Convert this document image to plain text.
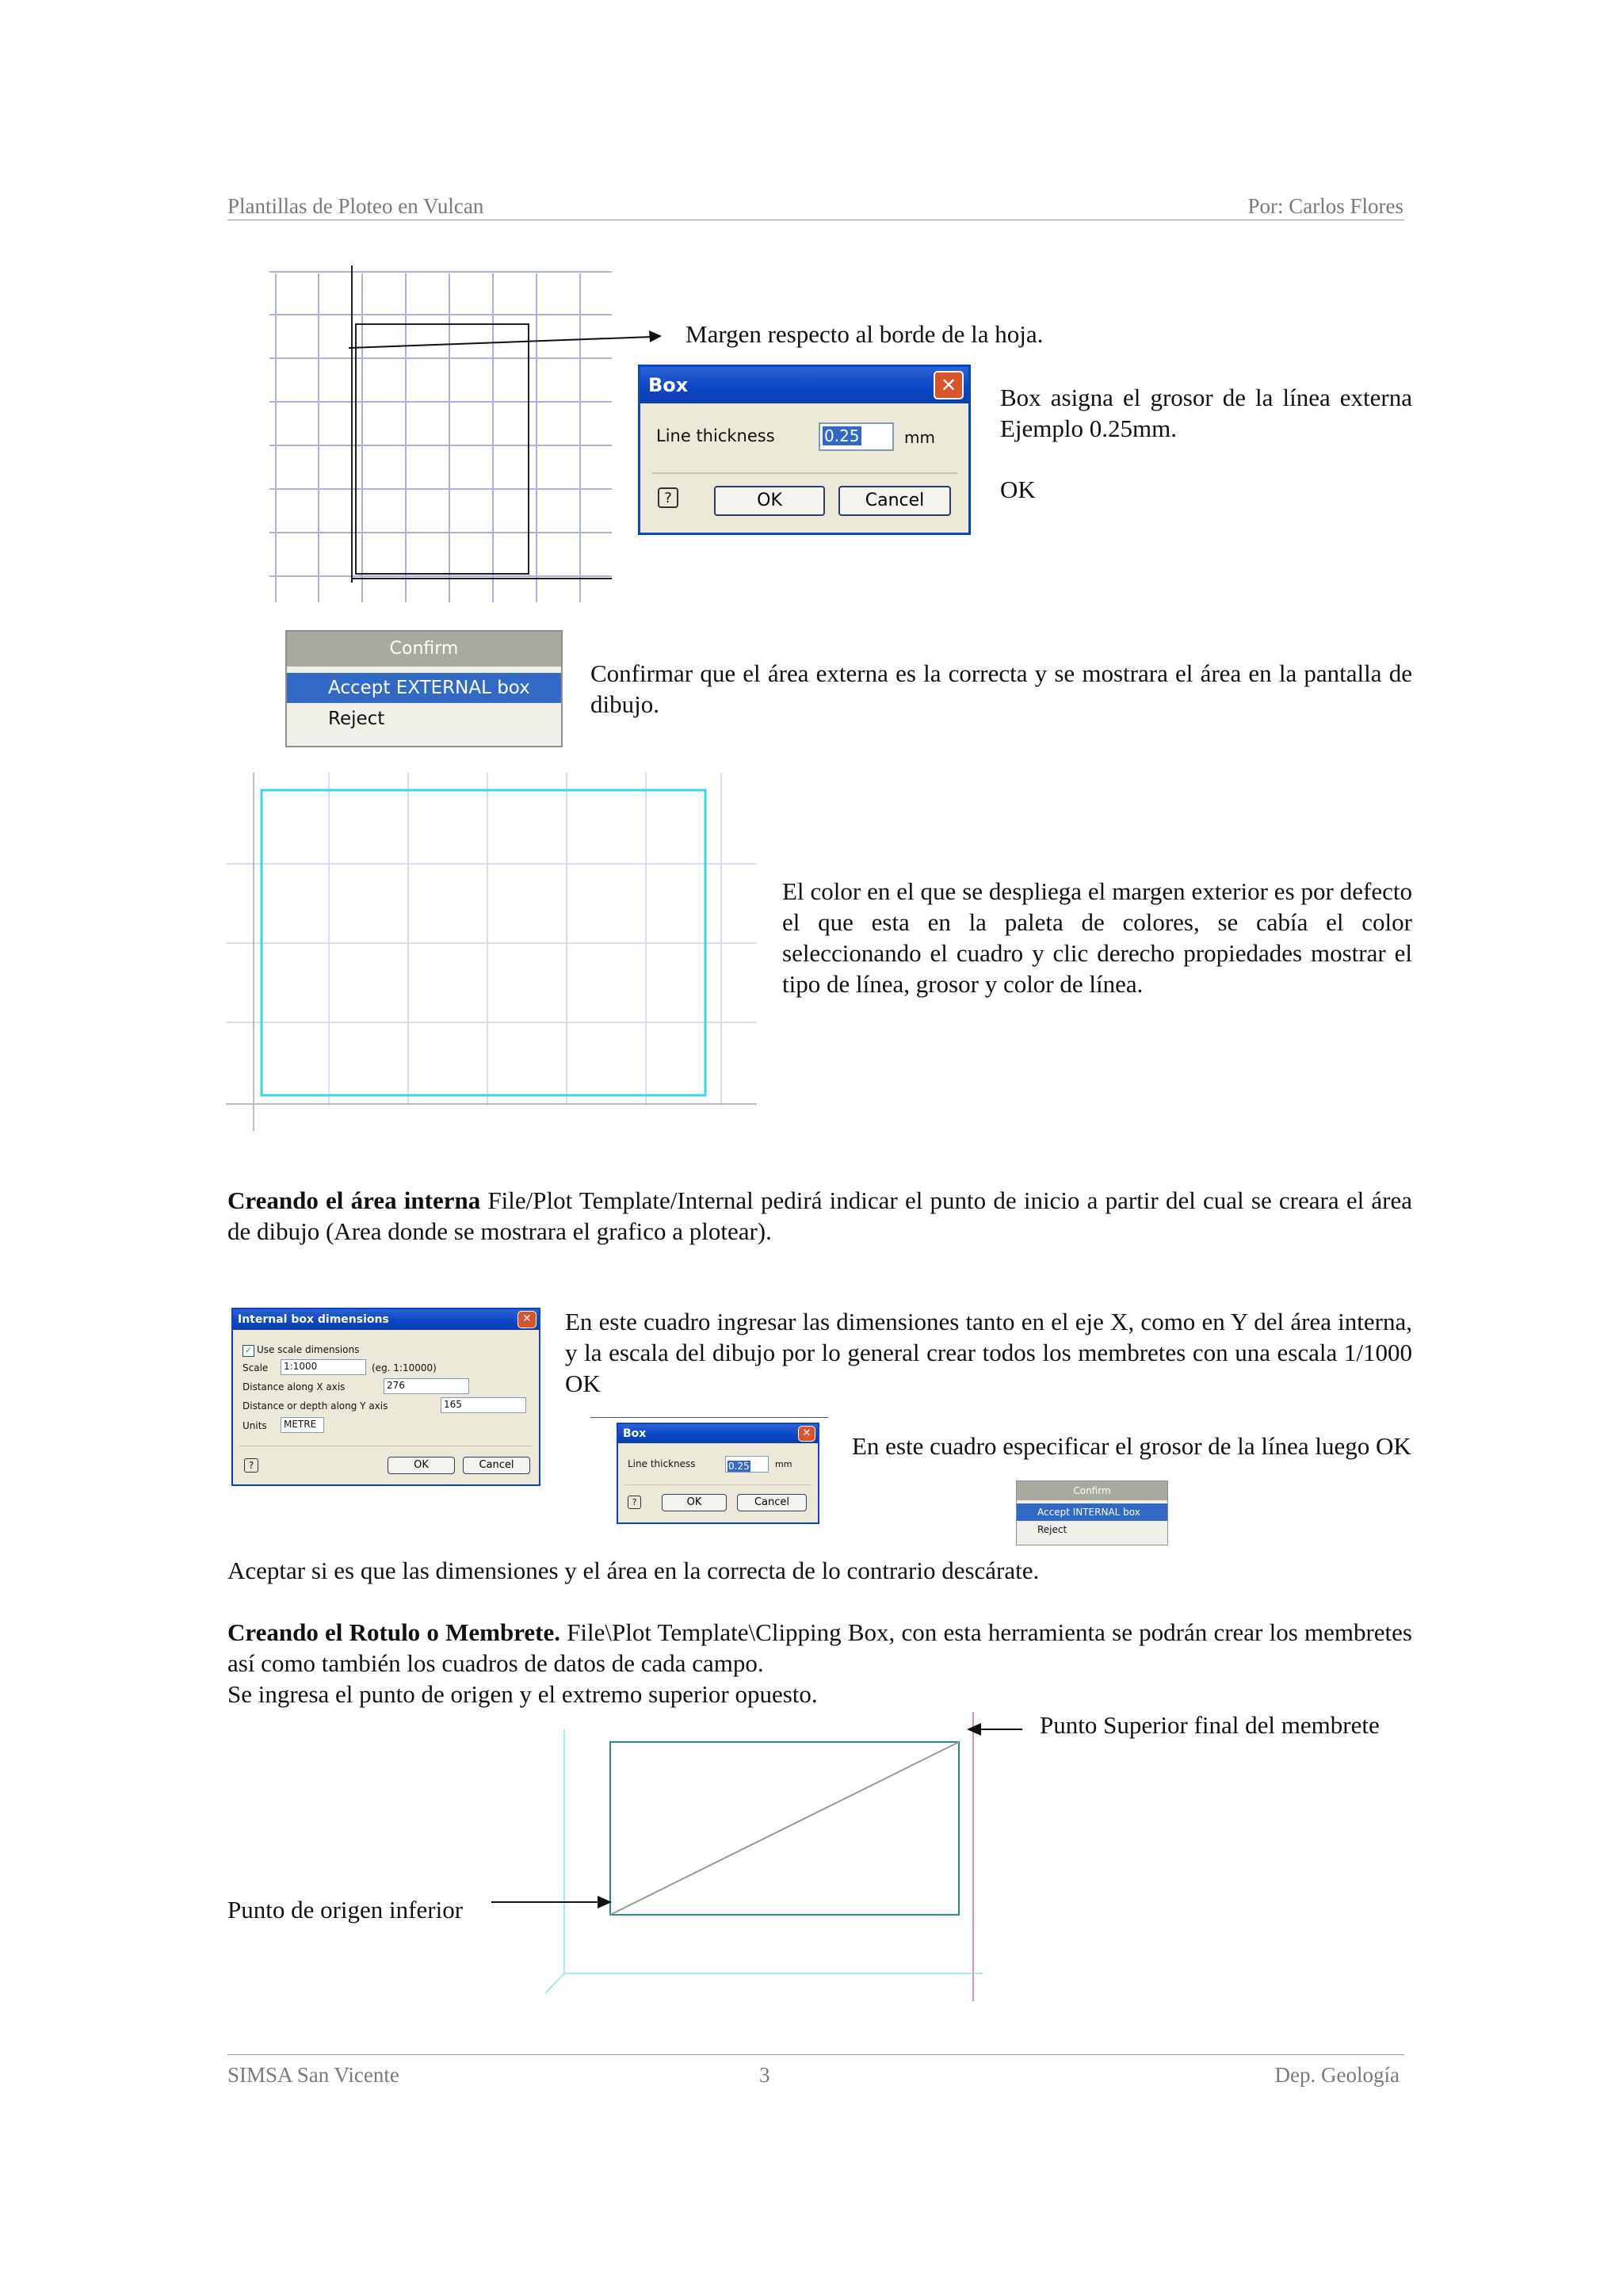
Plantillas de Ploteo en Vulcan	Por: Carlos Flores
Margen respecto al borde de la hoja.
Box	✕
Line thickness	0.25	mm
?	OK	Cancel
Box asigna el grosor de la línea externa Ejemplo 0.25mm.
OK
Confirm
Accept EXTERNAL box
Reject
Confirmar que el área externa es la correcta y se mostrara el área en la pantalla de dibujo.
El color en el que se despliega el margen exterior es por defecto el que esta en la paleta de colores, se cabía el color seleccionando el cuadro y clic derecho propiedades mostrar el tipo de línea, grosor y color de línea.
Creando el área interna File/Plot Template/Internal pedirá indicar el punto de inicio a partir del cual se creara el área de dibujo (Area donde se mostrara el grafico a plotear).
Internal box dimensions	✕
✓ Use scale dimensions
Scale	1:1000	(eg. 1:10000)
Distance along X axis	276
Distance or depth along Y axis	165
Units	METRE
?	OK	Cancel
En este cuadro ingresar las dimensiones tanto en el eje X, como en Y del área interna, y la escala del dibujo por lo general crear todos los membretes con una escala 1/1000 OK
Box	✕
Line thickness	0.25	mm
?	OK	Cancel
En este cuadro especificar el grosor de la línea luego OK
Confirm
Accept INTERNAL box
Reject
Aceptar si es que las dimensiones y el área en la correcta de lo contrario descárate.
Creando el Rotulo o Membrete. File\Plot Template\Clipping Box, con esta herramienta se podrán crear los membretes así como también los cuadros de datos de cada campo.
Se ingresa el punto de origen y el extremo superior opuesto.
Punto Superior final del membrete
Punto de origen inferior
SIMSA San Vicente	3	Dep. Geología
